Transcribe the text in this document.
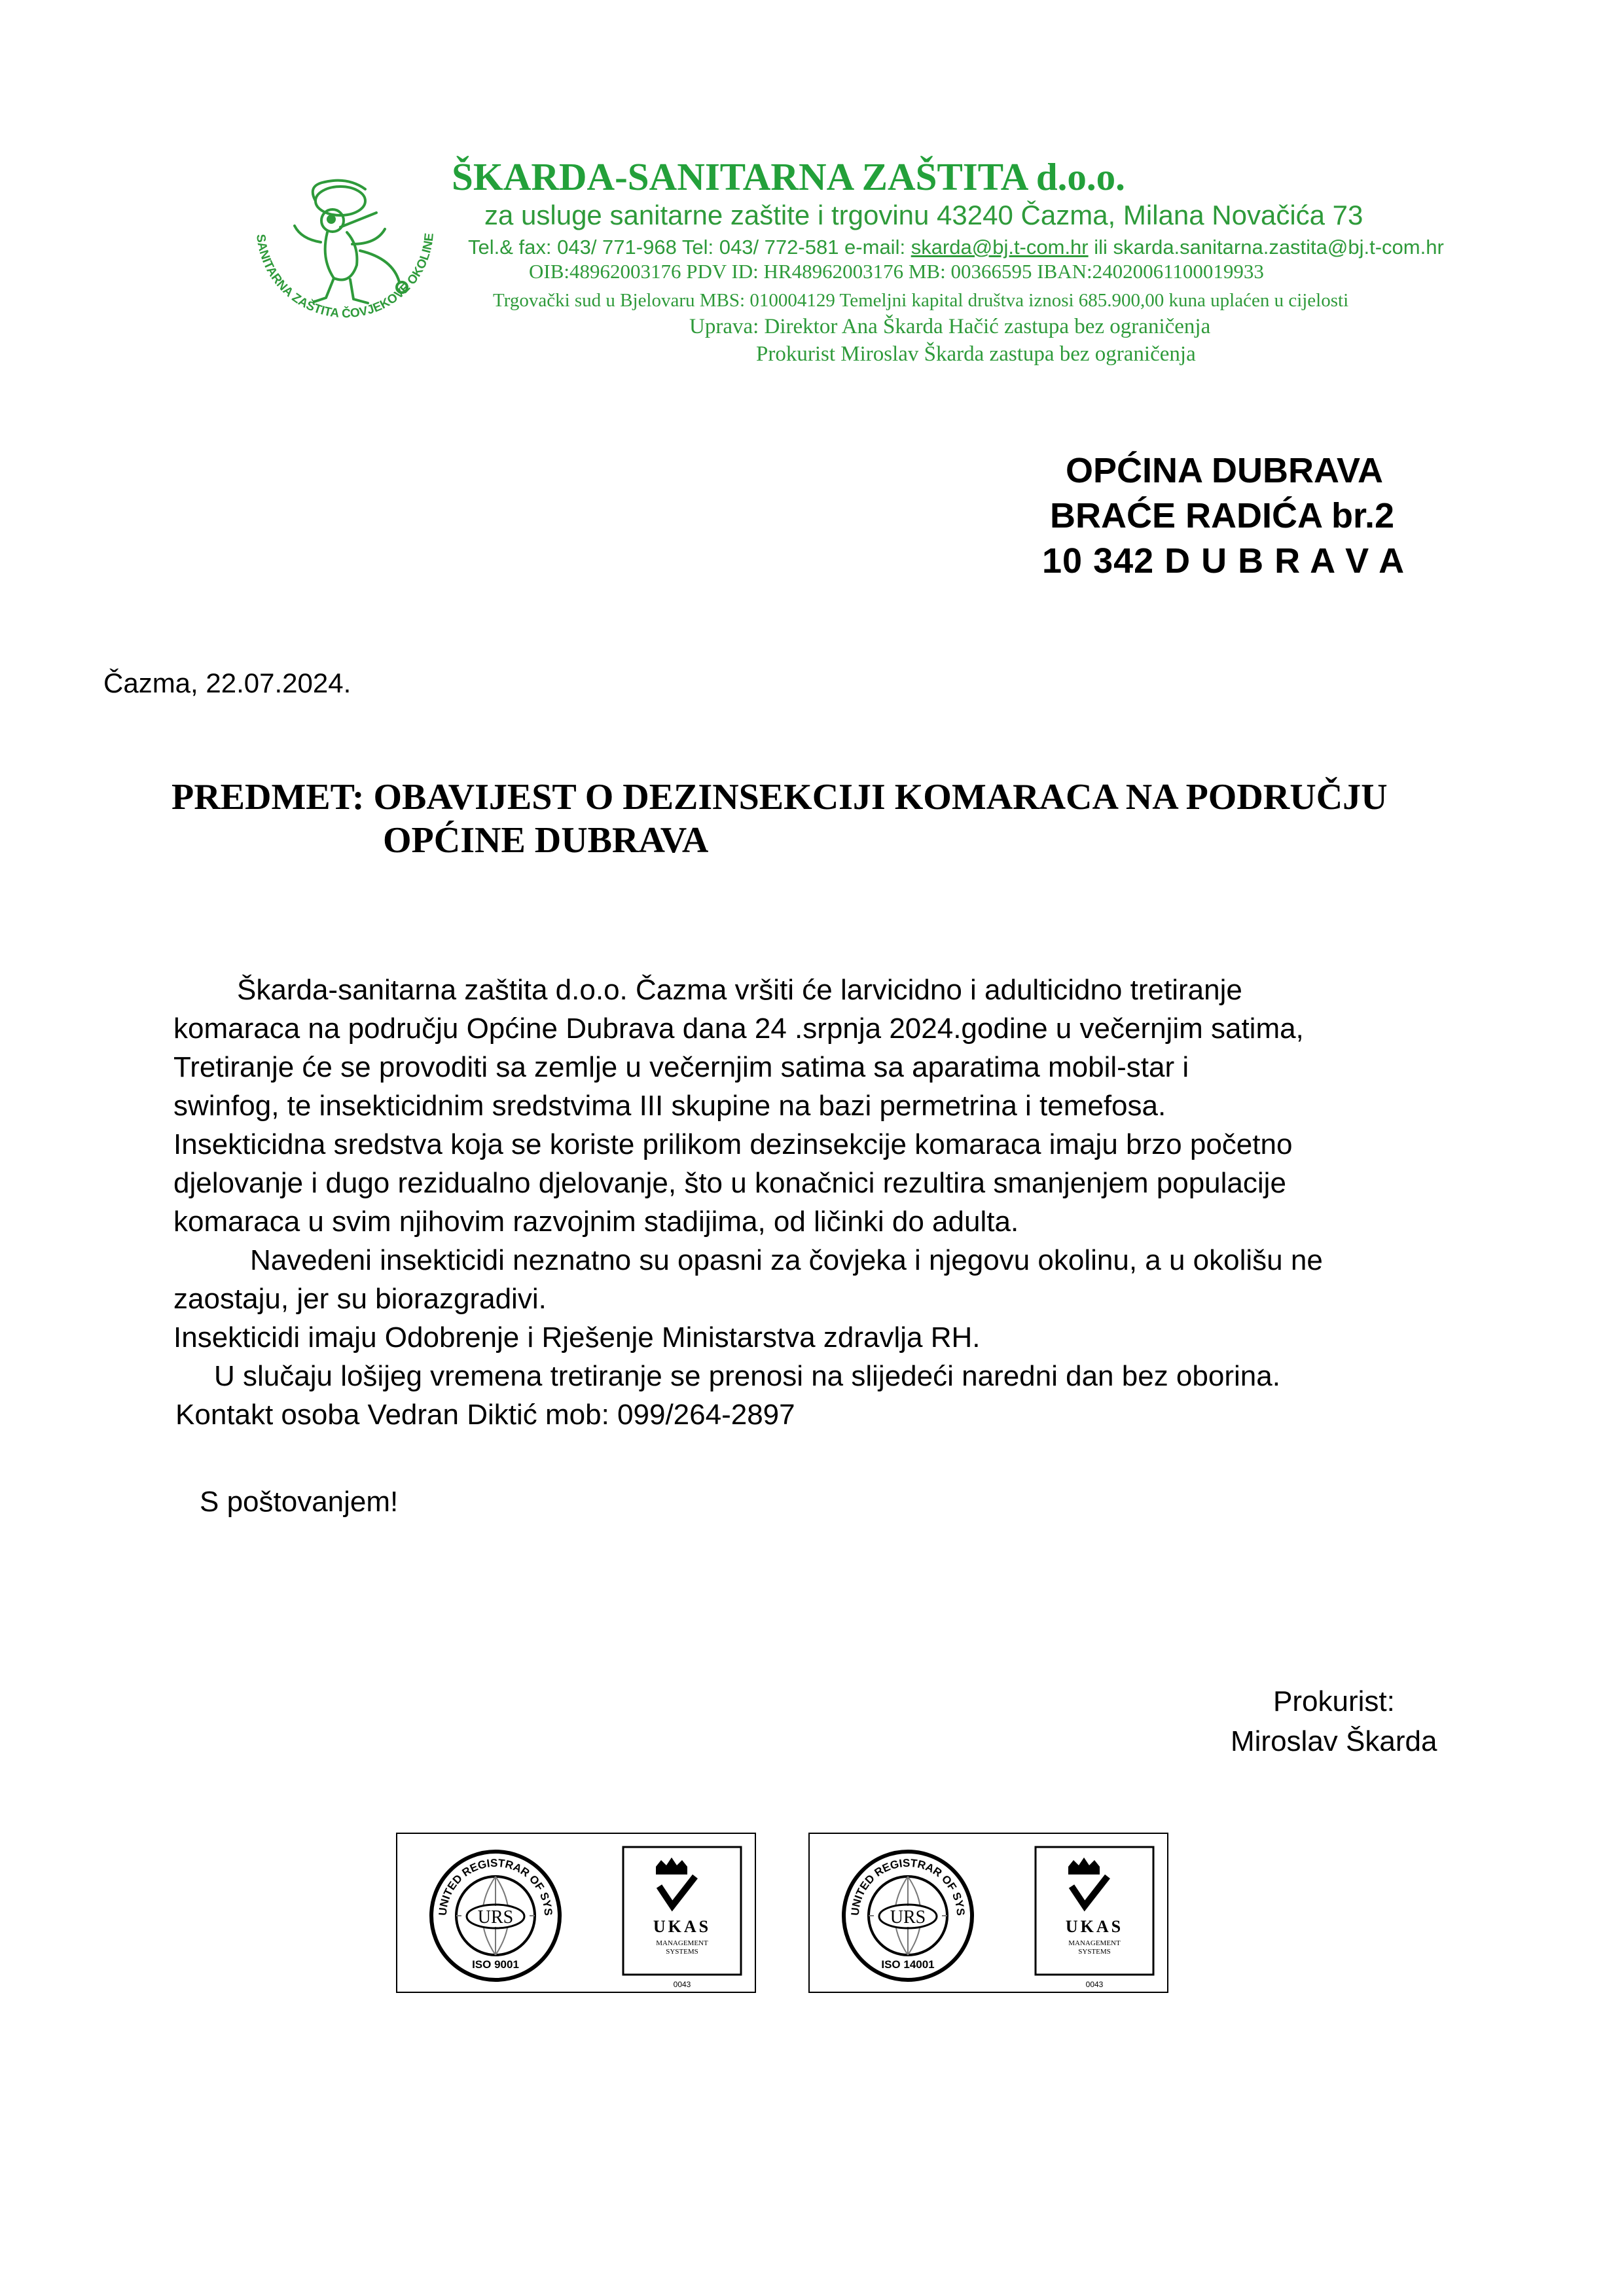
SANITARNA ZAŠTITA ČOVJEKOVE OKOLINE
ŠKARDA-SANITARNA ZAŠTITA d.o.o.
za usluge sanitarne zaštite i trgovinu 43240 Čazma, Milana Novačića 73
Tel.& fax: 043/ 771-968 Tel: 043/ 772-581 e-mail: skarda@bj.t-com.hr ili skarda.sanitarna.zastita@bj.t-com.hr
OIB:48962003176 PDV ID: HR48962003176 MB: 00366595 IBAN:24020061100019933
Trgovački sud u Bjelovaru MBS: 010004129 Temeljni kapital društva iznosi 685.900,00 kuna uplaćen u cijelosti
Uprava: Direktor Ana Škarda Hačić zastupa bez ograničenja
Prokurist Miroslav Škarda zastupa bez ograničenja
OPĆINA DUBRAVA
BRAĆE RADIĆA br.2
10 342 D U B R A V A
Čazma, 22.07.2024.
PREDMET: OBAVIJEST O DEZINSEKCIJI KOMARACA NA PODRUČJU
OPĆINE DUBRAVA
Škarda-sanitarna zaštita d.o.o. Čazma vršiti će larvicidno i adulticidno tretiranje
komaraca na području Općine Dubrava dana 24 .srpnja 2024.godine u večernjim satima,
Tretiranje će se provoditi sa zemlje u večernjim satima sa aparatima mobil-star i
swinfog, te insekticidnim sredstvima III skupine na bazi permetrina i temefosa.
Insekticidna sredstva koja se koriste prilikom dezinsekcije komaraca imaju brzo početno
djelovanje i dugo rezidualno djelovanje, što u konačnici rezultira smanjenjem populacije
komaraca u svim njihovim razvojnim stadijima, od ličinki do adulta.
Navedeni insekticidi neznatno su opasni za čovjeka i njegovu okolinu, a u okolišu ne
zaostaju, jer su biorazgradivi.
Insekticidi imaju Odobrenje i Rješenje Ministarstva zdravlja RH.
U slučaju lošijeg vremena tretiranje se prenosi na slijedeći naredni dan bez oborina.
Kontakt osoba Vedran Diktić mob: 099/264-2897
S poštovanjem!
Prokurist:
Miroslav Škarda
URS
UNITED REGISTRAR OF SYS
ISO 9001
UKAS
MANAGEMENT
SYSTEMS
0043
URS
UNITED REGISTRAR OF SYS
ISO 14001
UKAS
MANAGEMENT
SYSTEMS
0043
